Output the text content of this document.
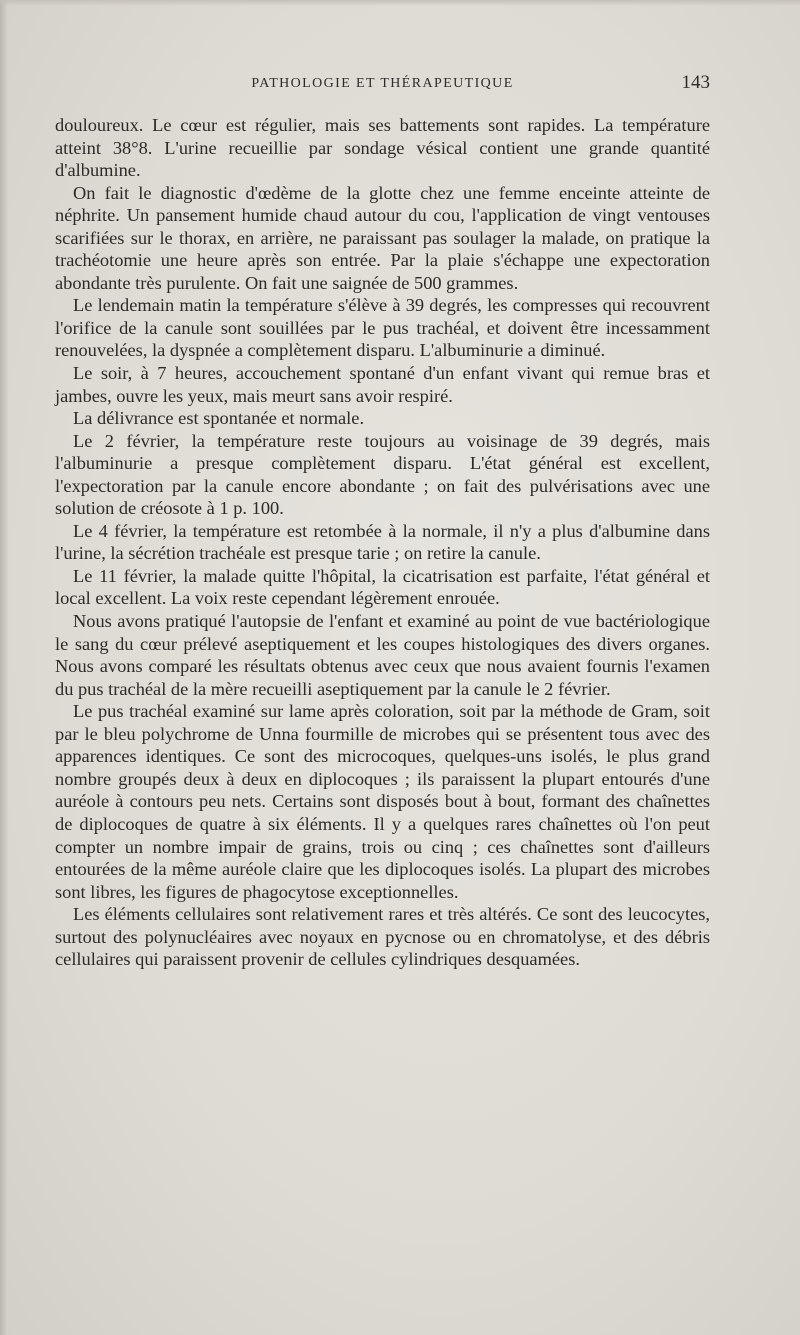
PATHOLOGIE ET THÉRAPEUTIQUE	143

douloureux. Le cœur est régulier, mais ses battements sont rapides. La température atteint 38°8. L'urine recueillie par sondage vésical contient une grande quantité d'albumine.

On fait le diagnostic d'œdème de la glotte chez une femme enceinte atteinte de néphrite. Un pansement humide chaud autour du cou, l'application de vingt ventouses scarifiées sur le thorax, en arrière, ne paraissant pas soulager la malade, on pratique la trachéotomie une heure après son entrée. Par la plaie s'échappe une expectoration abondante très purulente. On fait une saignée de 500 grammes.

Le lendemain matin la température s'élève à 39 degrés, les compresses qui recouvrent l'orifice de la canule sont souillées par le pus trachéal, et doivent être incessamment renouvelées, la dyspnée a complètement disparu. L'albuminurie a diminué.

Le soir, à 7 heures, accouchement spontané d'un enfant vivant qui remue bras et jambes, ouvre les yeux, mais meurt sans avoir respiré.

La délivrance est spontanée et normale.

Le 2 février, la température reste toujours au voisinage de 39 degrés, mais l'albuminurie a presque complètement disparu. L'état général est excellent, l'expectoration par la canule encore abondante ; on fait des pulvérisations avec une solution de créosote à 1 p. 100.

Le 4 février, la température est retombée à la normale, il n'y a plus d'albumine dans l'urine, la sécrétion trachéale est presque tarie ; on retire la canule.

Le 11 février, la malade quitte l'hôpital, la cicatrisation est parfaite, l'état général et local excellent. La voix reste cependant légèrement enrouée.

Nous avons pratiqué l'autopsie de l'enfant et examiné au point de vue bactériologique le sang du cœur prélevé aseptiquement et les coupes histologiques des divers organes. Nous avons comparé les résultats obtenus avec ceux que nous avaient fournis l'examen du pus trachéal de la mère recueilli aseptiquement par la canule le 2 février.

Le pus trachéal examiné sur lame après coloration, soit par la méthode de Gram, soit par le bleu polychrome de Unna fourmille de microbes qui se présentent tous avec des apparences identiques. Ce sont des microcoques, quelques-uns isolés, le plus grand nombre groupés deux à deux en diplocoques ; ils paraissent la plupart entourés d'une auréole à contours peu nets. Certains sont disposés bout à bout, formant des chaînettes de diplocoques de quatre à six éléments. Il y a quelques rares chaînettes où l'on peut compter un nombre impair de grains, trois ou cinq ; ces chaînettes sont d'ailleurs entourées de la même auréole claire que les diplocoques isolés. La plupart des microbes sont libres, les figures de phagocytose exceptionnelles.

Les éléments cellulaires sont relativement rares et très altérés. Ce sont des leucocytes, surtout des polynucléaires avec noyaux en pycnose ou en chromatolyse, et des débris cellulaires qui paraissent provenir de cellules cylindriques desquamées.
